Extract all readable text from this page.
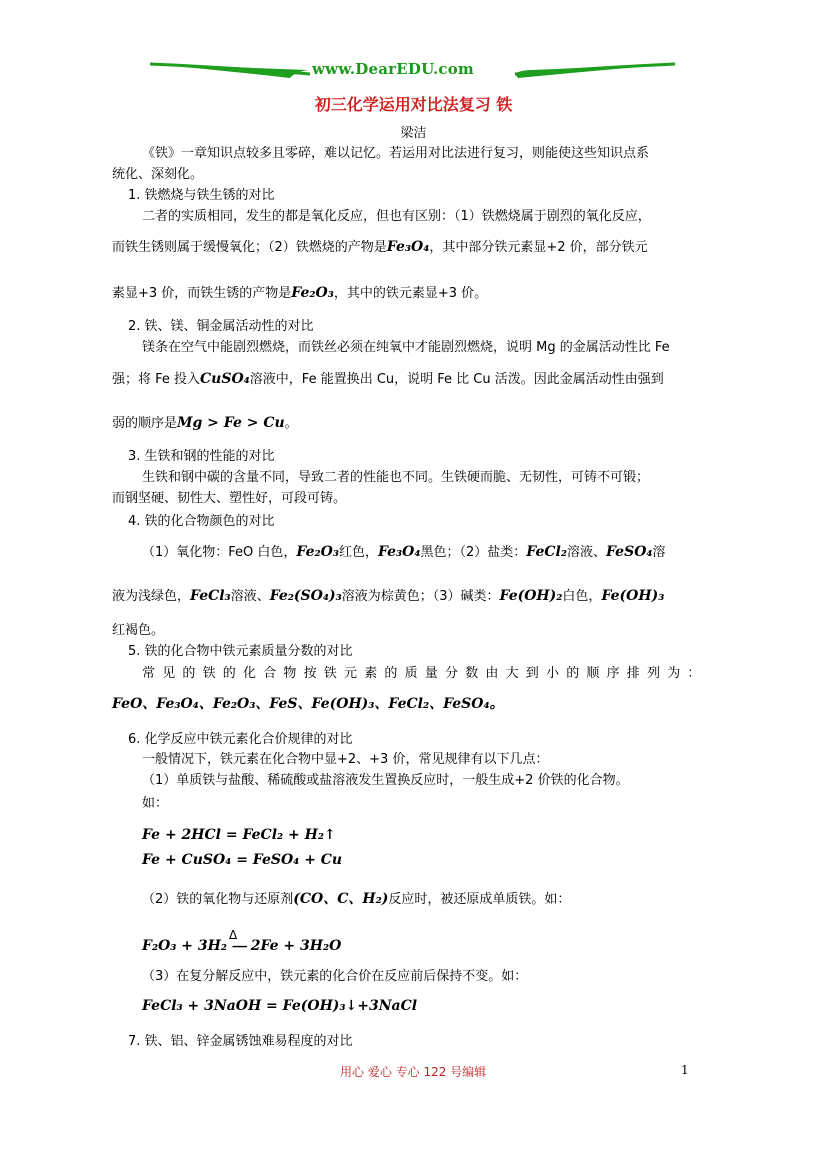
www.DearEDU.com
初三化学运用对比法复习 铁
梁洁
《铁》一章知识点较多且零碎，难以记忆。若运用对比法进行复习，则能使这些知识点系
统化、深刻化。
1. 铁燃烧与铁生锈的对比
二者的实质相同，发生的都是氧化反应，但也有区别：（1）铁燃烧属于剧烈的氧化反应，
而铁生锈则属于缓慢氧化；（2）铁燃烧的产物是Fe₃O₄，其中部分铁元素显+2 价，部分铁元
素显+3 价，而铁生锈的产物是Fe₂O₃，其中的铁元素显+3 价。
2. 铁、镁、铜金属活动性的对比
镁条在空气中能剧烈燃烧，而铁丝必须在纯氧中才能剧烈燃烧，说明 Mg 的金属活动性比 Fe
强；将 Fe 投入CuSO₄溶液中，Fe 能置换出 Cu，说明 Fe 比 Cu 活泼。因此金属活动性由强到
弱的顺序是Mg > Fe > Cu。
3. 生铁和钢的性能的对比
生铁和钢中碳的含量不同，导致二者的性能也不同。生铁硬而脆、无韧性，可铸不可锻；
而钢坚硬、韧性大、塑性好，可段可铸。
4. 铁的化合物颜色的对比
（1）氧化物：FeO 白色，Fe₂O₃红色，Fe₃O₄黑色；（2）盐类：FeCl₂溶液、FeSO₄溶
液为浅绿色，FeCl₃溶液、Fe₂(SO₄)₃溶液为棕黄色；（3）碱类：Fe(OH)₂白色，Fe(OH)₃
红褐色。
5. 铁的化合物中铁元素质量分数的对比
常见的铁的化合物按铁元素的质量分数由大到小的顺序排列为：
FeO、Fe₃O₄、Fe₂O₃、FeS、Fe(OH)₃、FeCl₂、FeSO₄。
6. 化学反应中铁元素化合价规律的对比
一般情况下，铁元素在化合物中显+2、+3 价，常见规律有以下几点：
（1）单质铁与盐酸、稀硫酸或盐溶液发生置换反应时，一般生成+2 价铁的化合物。
如：
Fe + 2HCl = FeCl₂ + H₂↑
Fe + CuSO₄ = FeSO₄ + Cu
（2）铁的氧化物与还原剂(CO、C、H₂)反应时，被还原成单质铁。如：
Δ
F₂O₃ + 3H₂ ⎯⎯ 2Fe + 3H₂O
（3）在复分解反应中，铁元素的化合价在反应前后保持不变。如：
FeCl₃ + 3NaOH = Fe(OH)₃↓+3NaCl
7. 铁、铝、锌金属锈蚀难易程度的对比
用心 爱心 专心 122 号编辑	1
